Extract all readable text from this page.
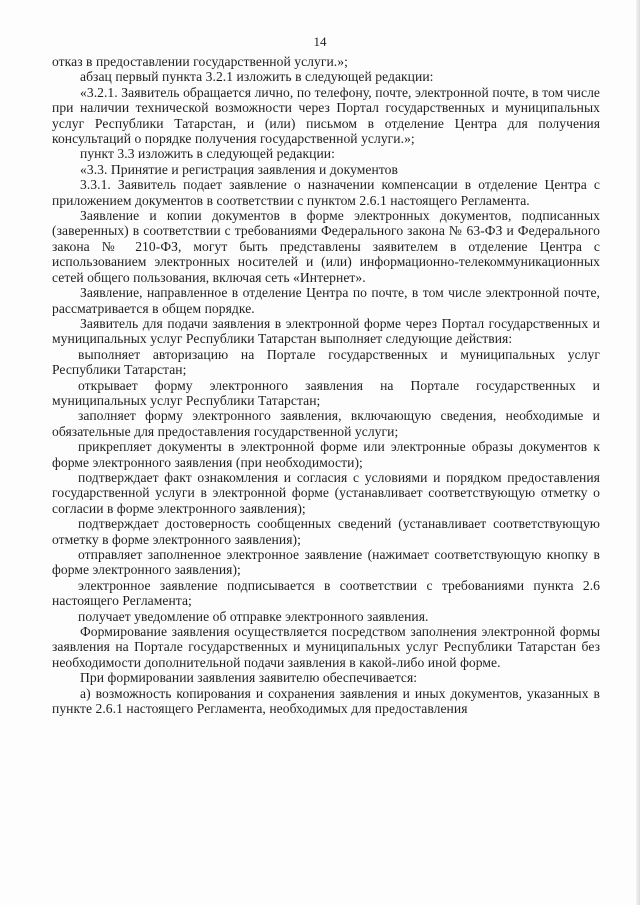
14

отказ в предоставлении государственной услуги.»;

абзац первый пункта 3.2.1 изложить в следующей редакции:

«3.2.1. Заявитель обращается лично, по телефону, почте, электронной почте, в том числе при наличии технической возможности через Портал государственных и муниципальных услуг Республики Татарстан, и (или) письмом в отделение Центра для получения консультаций о порядке получения государственной услуги.»;

пункт 3.3 изложить в следующей редакции:

«3.3. Принятие и регистрация заявления и документов

3.3.1. Заявитель подает заявление о назначении компенсации в отделение Центра с приложением документов в соответствии с пунктом 2.6.1 настоящего Регламента.

Заявление и копии документов в форме электронных документов, подписанных (заверенных) в соответствии с требованиями Федерального закона № 63-ФЗ и Федерального закона № 210-ФЗ, могут быть представлены заявителем в отделение Центра с использованием электронных носителей и (или) информационно-телекоммуникационных сетей общего пользования, включая сеть «Интернет».

Заявление, направленное в отделение Центра по почте, в том числе электронной почте, рассматривается в общем порядке.

Заявитель для подачи заявления в электронной форме через Портал государственных и муниципальных услуг Республики Татарстан выполняет следующие действия:

выполняет авторизацию на Портале государственных и муниципальных услуг Республики Татарстан;

открывает форму электронного заявления на Портале государственных и муниципальных услуг Республики Татарстан;

заполняет форму электронного заявления, включающую сведения, необходимые и обязательные для предоставления государственной услуги;

прикрепляет документы в электронной форме или электронные образы документов к форме электронного заявления (при необходимости);

подтверждает факт ознакомления и согласия с условиями и порядком предоставления государственной услуги в электронной форме (устанавливает соответствующую отметку о согласии в форме электронного заявления);

подтверждает достоверность сообщенных сведений (устанавливает соответствующую отметку в форме электронного заявления);

отправляет заполненное электронное заявление (нажимает соответствующую кнопку в форме электронного заявления);

электронное заявление подписывается в соответствии с требованиями пункта 2.6 настоящего Регламента;

получает уведомление об отправке электронного заявления.

Формирование заявления осуществляется посредством заполнения электронной формы заявления на Портале государственных и муниципальных услуг Республики Татарстан без необходимости дополнительной подачи заявления в какой-либо иной форме.

При формировании заявления заявителю обеспечивается:

а) возможность копирования и сохранения заявления и иных документов, указанных в пункте 2.6.1 настоящего Регламента, необходимых для предоставления
